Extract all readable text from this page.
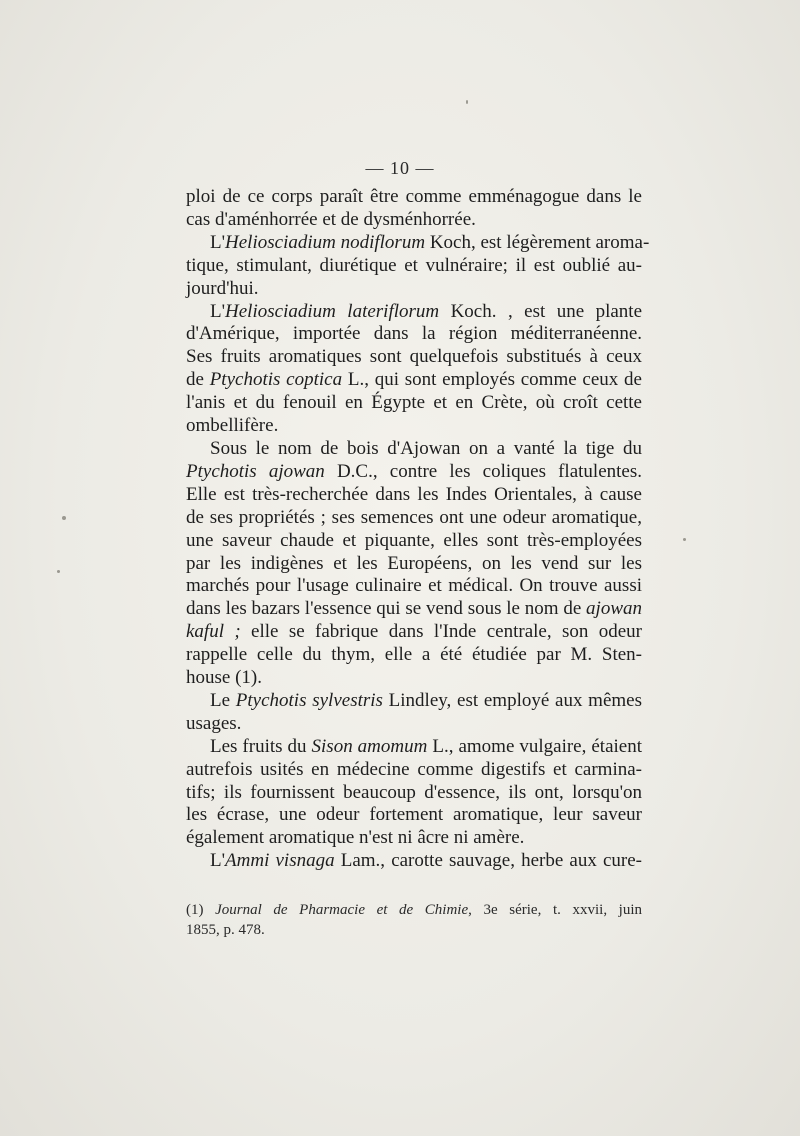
— 10 —
ploi de ce corps paraît être comme emménagogue dans le
cas d'aménhorrée et de dysménhorrée.
L'Heliosciadium nodiflorum Koch, est légèrement aroma-
tique, stimulant, diurétique et vulnéraire; il est oublié au-
jourd'hui.
L'Heliosciadium lateriflorum Koch. , est une plante
d'Amérique, importée dans la région méditerranéenne.
Ses fruits aromatiques sont quelquefois substitués à ceux
de Ptychotis coptica L., qui sont employés comme ceux de
l'anis et du fenouil en Égypte et en Crète, où croît cette
ombellifère.
Sous le nom de bois d'Ajowan on a vanté la tige du
Ptychotis ajowan D.C., contre les coliques flatulentes.
Elle est très-recherchée dans les Indes Orientales, à cause
de ses propriétés ; ses semences ont une odeur aromatique,
une saveur chaude et piquante, elles sont très-employées
par les indigènes et les Européens, on les vend sur les
marchés pour l'usage culinaire et médical. On trouve aussi
dans les bazars l'essence qui se vend sous le nom de ajowan
kaful ; elle se fabrique dans l'Inde centrale, son odeur
rappelle celle du thym, elle a été étudiée par M. Sten-
house (1).
Le Ptychotis sylvestris Lindley, est employé aux mêmes
usages.
Les fruits du Sison amomum L., amome vulgaire, étaient
autrefois usités en médecine comme digestifs et carmina-
tifs; ils fournissent beaucoup d'essence, ils ont, lorsqu'on
les écrase, une odeur fortement aromatique, leur saveur
également aromatique n'est ni âcre ni amère.
L'Ammi visnaga Lam., carotte sauvage, herbe aux cure-
(1) Journal de Pharmacie et de Chimie, 3e série, t. xxvii, juin
1855, p. 478.
